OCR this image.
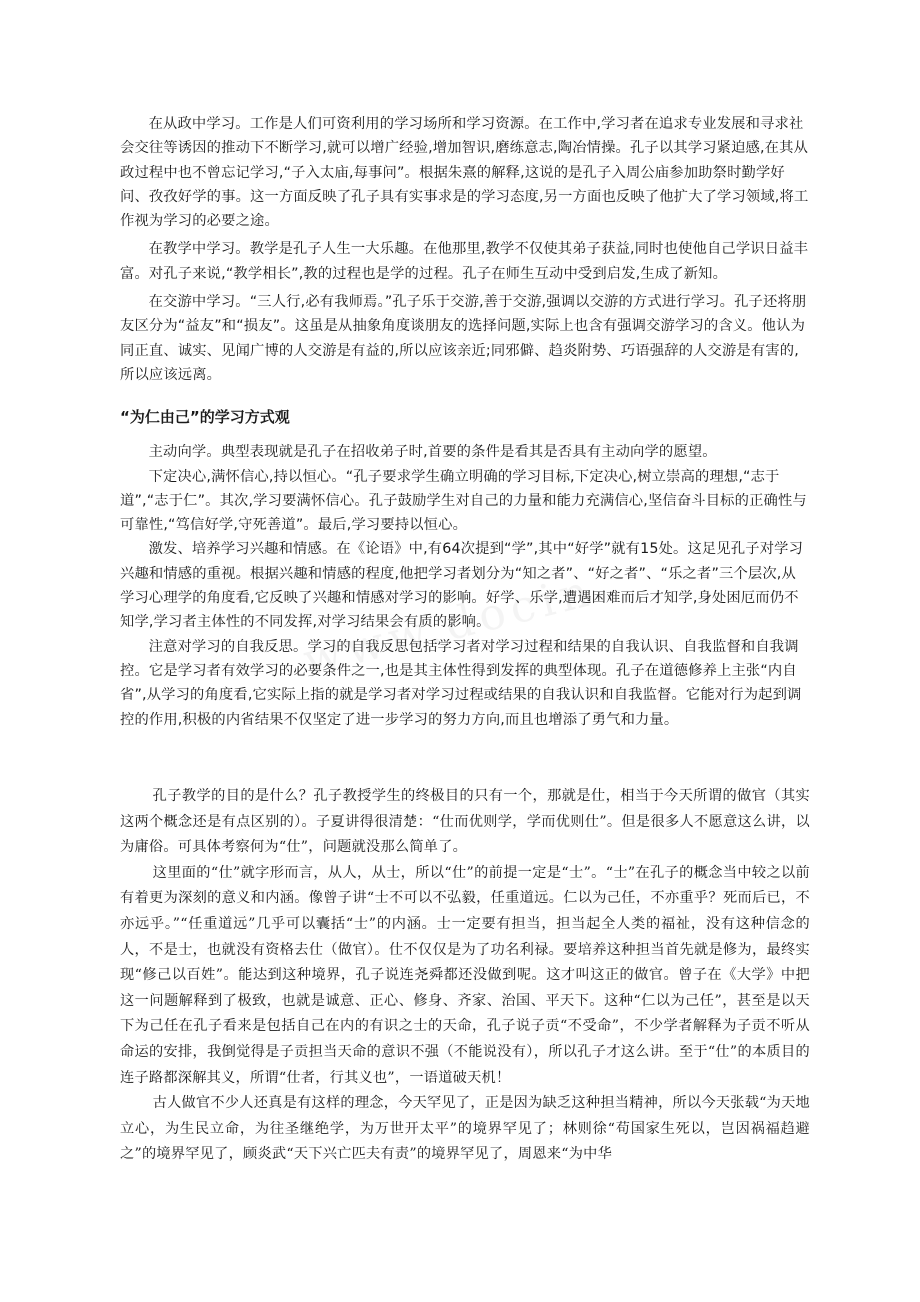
在从政中学习。工作是人们可资利用的学习场所和学习资源。在工作中,学习者在追求专业发展和寻求社会交往等诱因的推动下不断学习,就可以增广经验,增加智识,磨练意志,陶冶情操。孔子以其学习紧迫感,在其从政过程中也不曾忘记学习,“子入太庙,每事问”。根据朱熹的解释,这说的是孔子入周公庙参加助祭时勤学好问、孜孜好学的事。这一方面反映了孔子具有实事求是的学习态度,另一方面也反映了他扩大了学习领域,将工作视为学习的必要之途。

在教学中学习。教学是孔子人生一大乐趣。在他那里,教学不仅使其弟子获益,同时也使他自己学识日益丰富。对孔子来说,“教学相长”,教的过程也是学的过程。孔子在师生互动中受到启发,生成了新知。

在交游中学习。“三人行,必有我师焉。”孔子乐于交游,善于交游,强调以交游的方式进行学习。孔子还将朋友区分为“益友”和“损友”。这虽是从抽象角度谈朋友的选择问题,实际上也含有强调交游学习的含义。他认为同正直、诚实、见闻广博的人交游是有益的,所以应该亲近;同邪僻、趋炎附势、巧语强辞的人交游是有害的,所以应该远离。

“为仁由己”的学习方式观

主动向学。典型表现就是孔子在招收弟子时,首要的条件是看其是否具有主动向学的愿望。

下定决心,满怀信心,持以恒心。“孔子要求学生确立明确的学习目标,下定决心,树立崇高的理想,“志于道”,“志于仁”。其次,学习要满怀信心。孔子鼓励学生对自己的力量和能力充满信心,坚信奋斗目标的正确性与可靠性,“笃信好学,守死善道”。最后,学习要持以恒心。

激发、培养学习兴趣和情感。在《论语》中,有64次提到“学”,其中“好学”就有15处。这足见孔子对学习兴趣和情感的重视。根据兴趣和情感的程度,他把学习者划分为“知之者”、“好之者”、“乐之者”三个层次,从学习心理学的角度看,它反映了兴趣和情感对学习的影响。好学、乐学,遭遇困难而后才知学,身处困厄而仍不知学,学习者主体性的不同发挥,对学习结果会有质的影响。

注意对学习的自我反思。学习的自我反思包括学习者对学习过程和结果的自我认识、自我监督和自我调控。它是学习者有效学习的必要条件之一,也是其主体性得到发挥的典型体现。孔子在道德修养上主张“内自省”,从学习的角度看,它实际上指的就是学习者对学习过程或结果的自我认识和自我监督。它能对行为起到调控的作用,积极的内省结果不仅坚定了进一步学习的努力方向,而且也增添了勇气和力量。

孔子教学的目的是什么？孔子教授学生的终极目的只有一个，那就是仕，相当于今天所谓的做官（其实这两个概念还是有点区别的）。子夏讲得很清楚：“仕而优则学，学而优则仕”。但是很多人不愿意这么讲，以为庸俗。可具体考察何为“仕”，问题就没那么简单了。

这里面的“仕”就字形而言，从人，从士，所以“仕”的前提一定是“士”。“士”在孔子的概念当中较之以前有着更为深刻的意义和内涵。像曾子讲“士不可以不弘毅，任重道远。仁以为己任，不亦重乎？死而后已，不亦远乎。”“任重道远”几乎可以囊括“士”的内涵。士一定要有担当，担当起全人类的福祉，没有这种信念的人，不是士，也就没有资格去仕（做官）。仕不仅仅是为了功名利禄。要培养这种担当首先就是修为，最终实现“修己以百姓”。能达到这种境界，孔子说连尧舜都还没做到呢。这才叫这正的做官。曾子在《大学》中把这一问题解释到了极致，也就是诚意、正心、修身、齐家、治国、平天下。这种“仁以为己任”，甚至是以天下为己任在孔子看来是包括自己在内的有识之士的天命，孔子说子贡“不受命”，不少学者解释为子贡不听从命运的安排，我倒觉得是子贡担当天命的意识不强（不能说没有），所以孔子才这么讲。至于“仕”的本质目的连子路都深解其义，所谓“仕者，行其义也”，一语道破天机！

古人做官不少人还真是有这样的理念，今天罕见了，正是因为缺乏这种担当精神，所以今天张载“为天地立心，为生民立命，为往圣继绝学，为万世开太平”的境界罕见了；林则徐“苟国家生死以，岂因祸福趋避之”的境界罕见了，顾炎武“天下兴亡匹夫有责”的境界罕见了，周恩来“为中华
